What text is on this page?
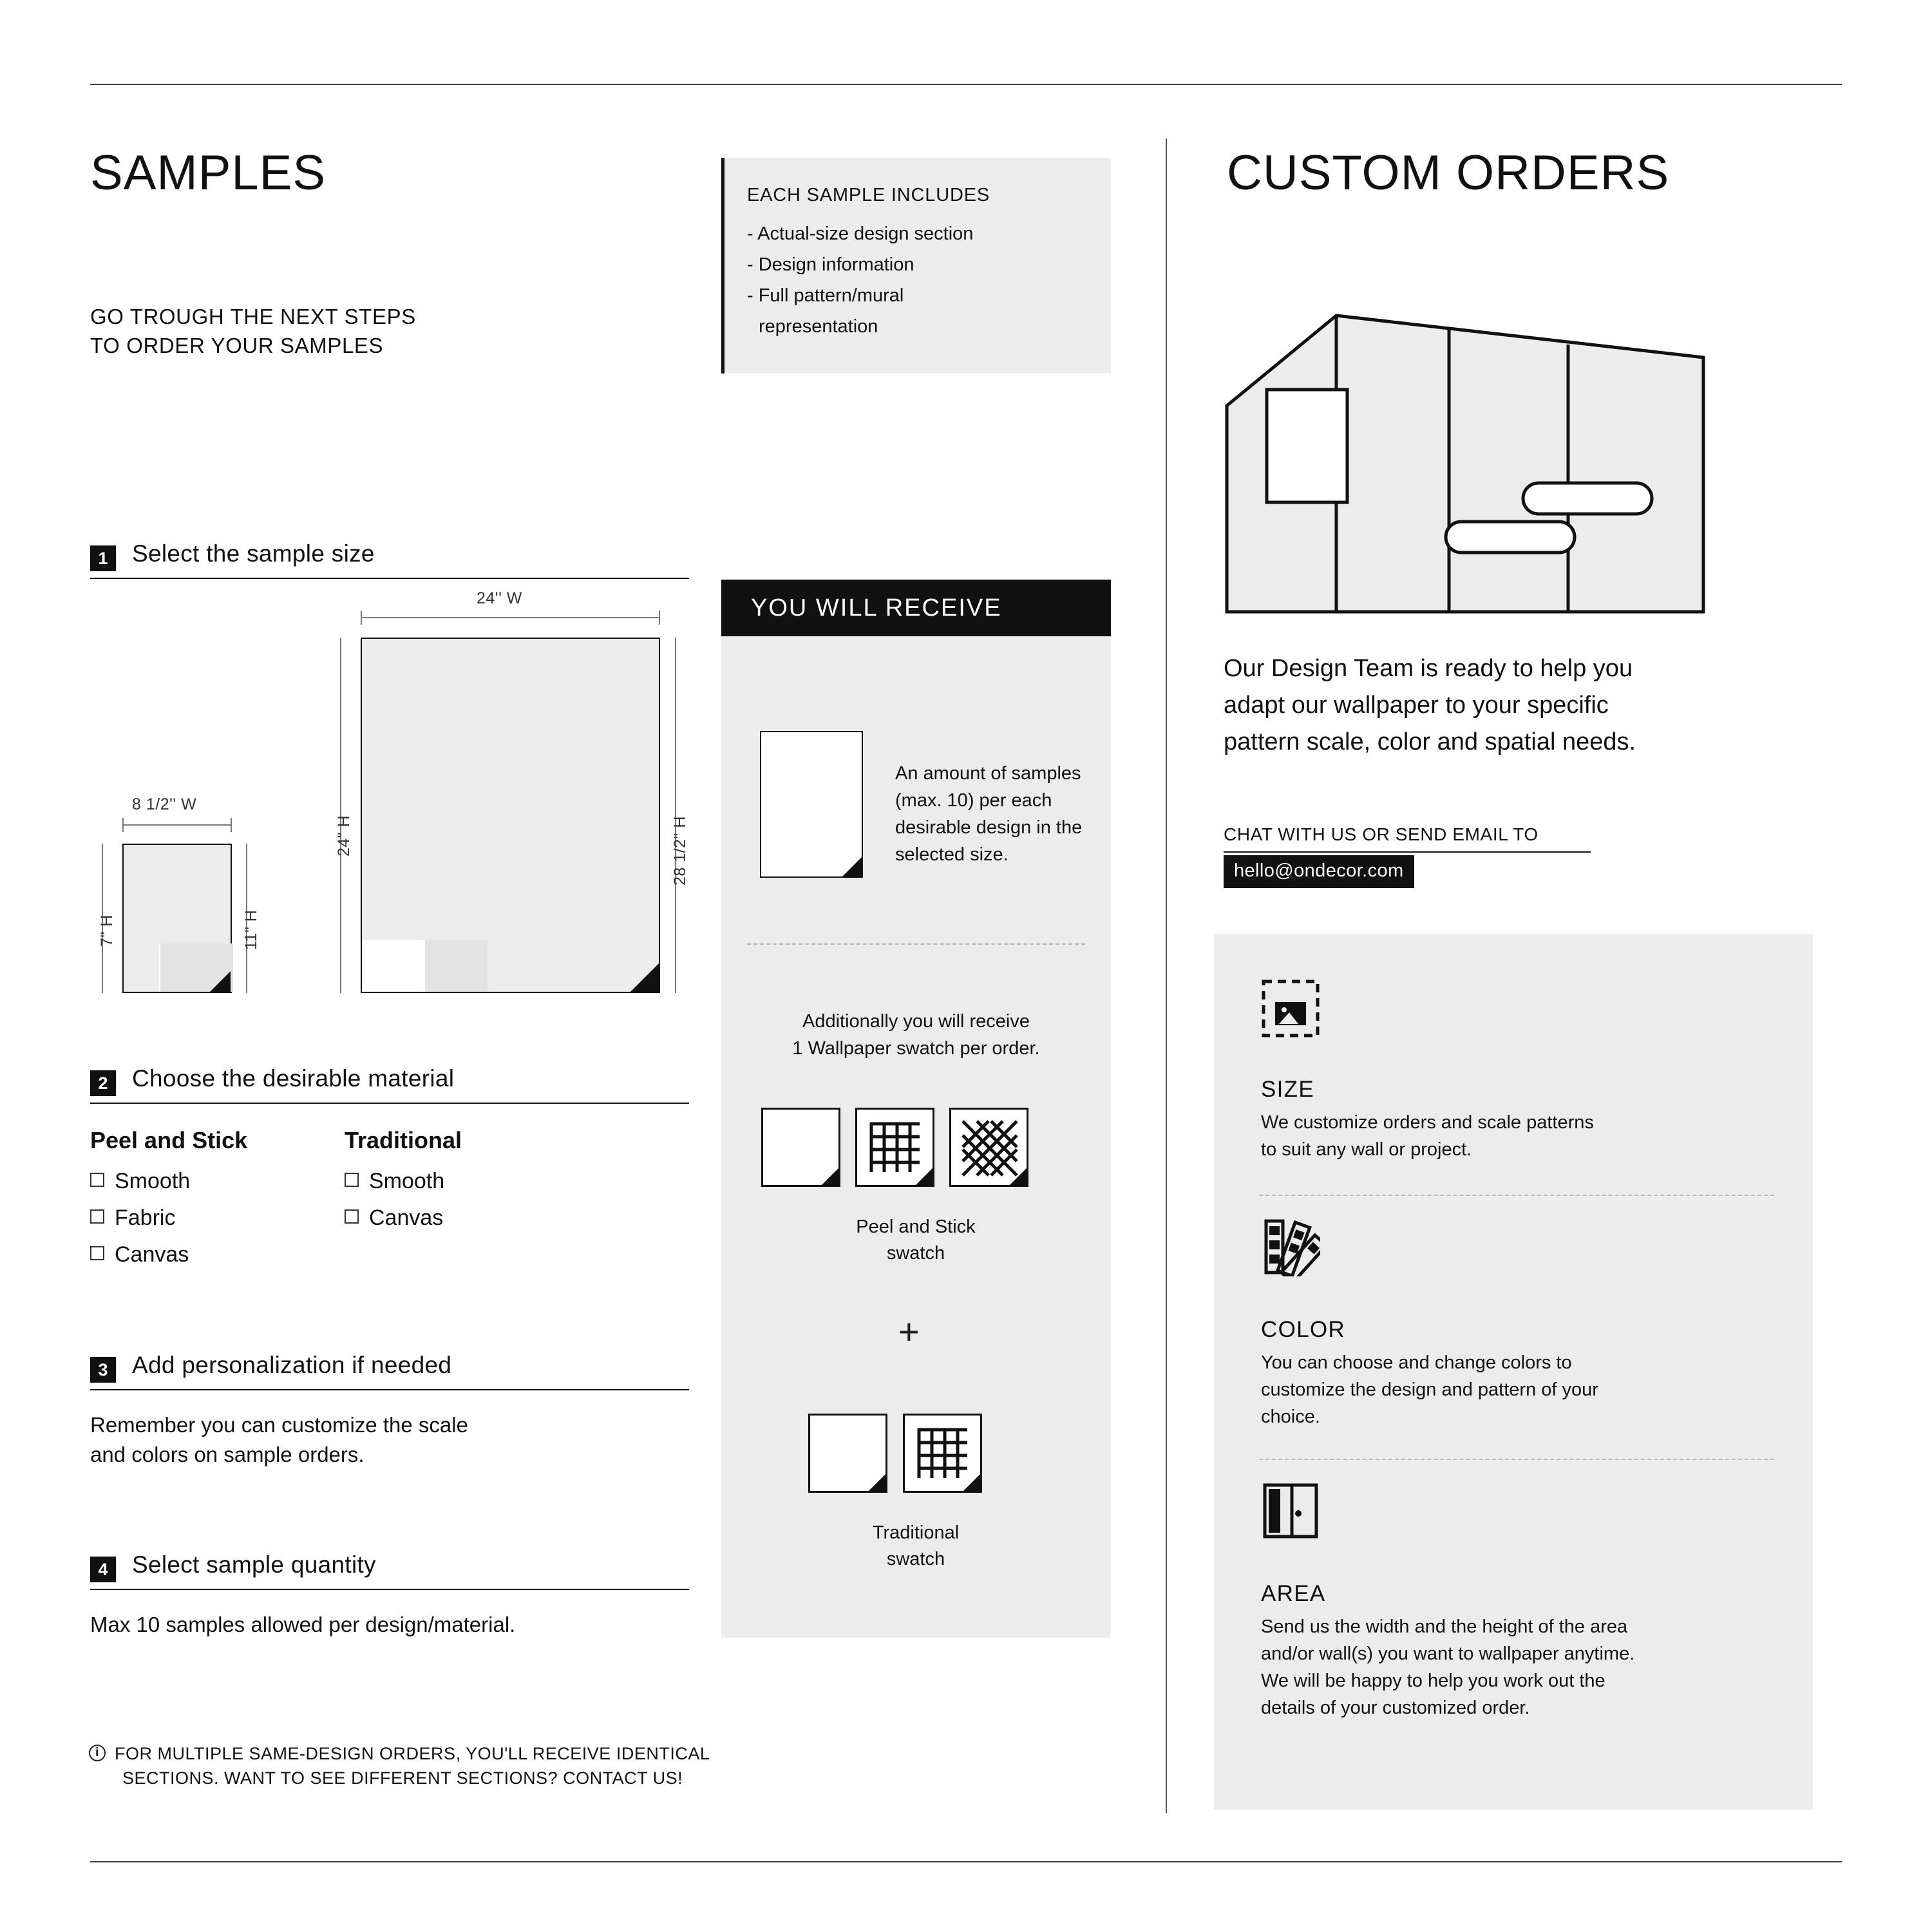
SAMPLES
GO TROUGH THE NEXT STEPS
TO ORDER YOUR SAMPLES
EACH SAMPLE INCLUDES
- Actual-size design section
- Design information
- Full pattern/mural
representation
1	Select the sample size
24'' W
24" H	28 1/2" H
8 1/2'' W
7" H	11" H
2	Choose the desirable material
Peel and Stick
Smooth
Fabric
Canvas
Traditional
Smooth
Canvas
3	Add personalization if needed
Remember you can customize the scale
and colors on sample orders.
4	Select sample quantity
Max 10 samples allowed per design/material.
i FOR MULTIPLE SAME-DESIGN ORDERS, YOU'LL RECEIVE IDENTICAL
SECTIONS. WANT TO SEE DIFFERENT SECTIONS? CONTACT US!
YOU WILL RECEIVE
An amount of samples (max. 10) per each desirable design in the selected size.
Additionally you will receive
1 Wallpaper swatch per order.
Peel and Stick
swatch
+
Traditional
swatch
CUSTOM ORDERS
Our Design Team is ready to help you
adapt our wallpaper to your specific
pattern scale, color and spatial needs.
CHAT WITH US OR SEND EMAIL TO
hello@ondecor.com
SIZE
We customize orders and scale patterns
to suit any wall or project.
COLOR
You can choose and change colors to
customize the design and pattern of your
choice.
AREA
Send us the width and the height of the area
and/or wall(s) you want to wallpaper anytime.
We will be happy to help you work out the
details of your customized order.
